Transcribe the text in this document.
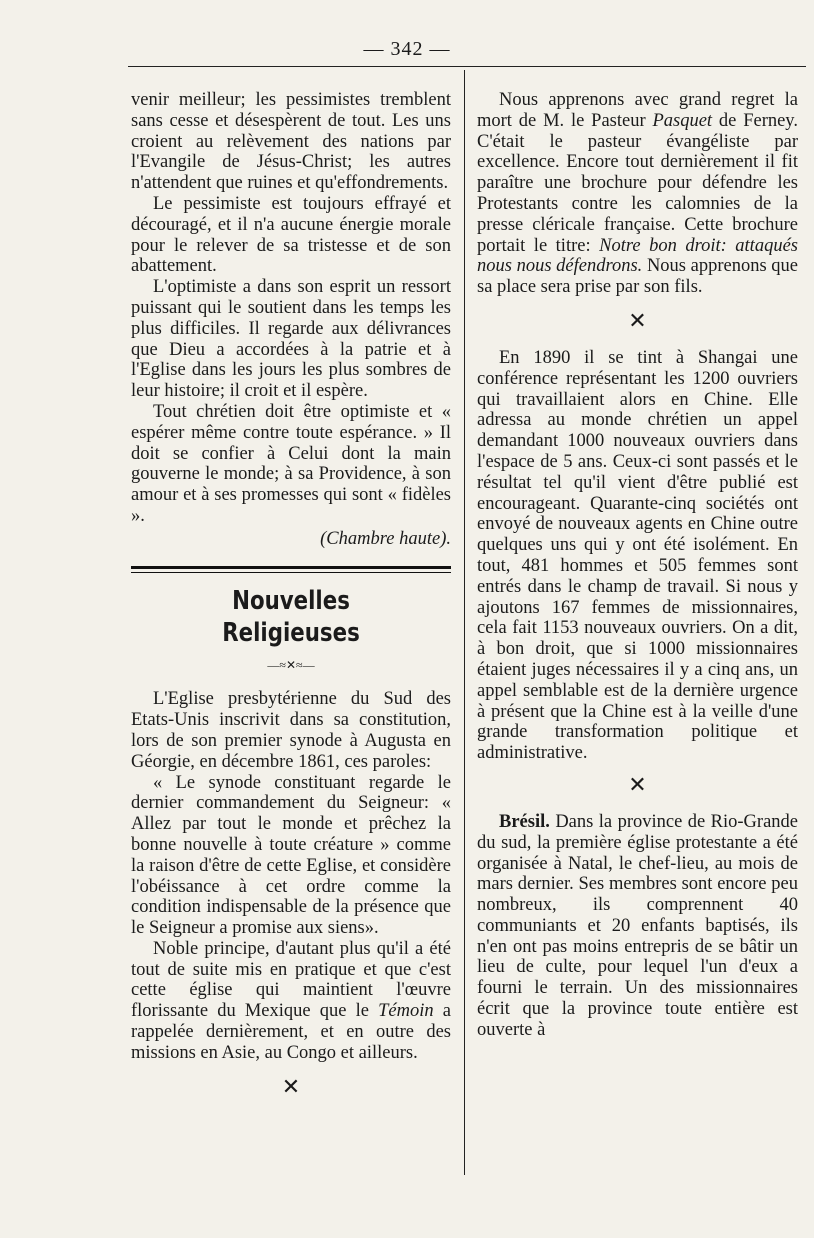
— 342 —

venir meilleur; les pessimistes tremblent sans cesse et désespèrent de tout. Les uns croient au relèvement des nations par l'Evangile de Jésus-Christ; les autres n'attendent que ruines et qu'effondrements.

Le pessimiste est toujours effrayé et découragé, et il n'a aucune énergie morale pour le relever de sa tristesse et de son abattement.

L'optimiste a dans son esprit un ressort puissant qui le soutient dans les temps les plus difficiles. Il regarde aux délivrances que Dieu a accordées à la patrie et à l'Eglise dans les jours les plus sombres de leur histoire; il croit et il espère.

Tout chrétien doit être optimiste et « espérer même contre toute espérance. » Il doit se confier à Celui dont la main gouverne le monde; à sa Providence, à son amour et à ses promesses qui sont « fidèles ».

(Chambre haute).

Nouvelles Religieuses
—≈✕≈—

L'Eglise presbytérienne du Sud des Etats-Unis inscrivit dans sa constitution, lors de son premier synode à Augusta en Géorgie, en décembre 1861, ces paroles:

« Le synode constituant regarde le dernier commandement du Seigneur: « Allez par tout le monde et prêchez la bonne nouvelle à toute créature » comme la raison d'être de cette Eglise, et considère l'obéissance à cet ordre comme la condition indispensable de la présence que le Seigneur a promise aux siens».

Noble principe, d'autant plus qu'il a été tout de suite mis en pratique et que c'est cette église qui maintient l'œuvre florissante du Mexique que le Témoin a rappelée dernièrement, et en outre des missions en Asie, au Congo et ailleurs.

✕

Nous apprenons avec grand regret la mort de M. le Pasteur Pasquet de Ferney. C'était le pasteur évangéliste par excellence. Encore tout dernièrement il fit paraître une brochure pour défendre les Protestants contre les calomnies de la presse cléricale française. Cette brochure portait le titre: Notre bon droit: attaqués nous nous défendrons. Nous apprenons que sa place sera prise par son fils.

✕

En 1890 il se tint à Shangai une conférence représentant les 1200 ouvriers qui travaillaient alors en Chine. Elle adressa au monde chrétien un appel demandant 1000 nouveaux ouvriers dans l'espace de 5 ans. Ceux-ci sont passés et le résultat tel qu'il vient d'être publié est encourageant. Quarante-cinq sociétés ont envoyé de nouveaux agents en Chine outre quelques uns qui y ont été isolément. En tout, 481 hommes et 505 femmes sont entrés dans le champ de travail. Si nous y ajoutons 167 femmes de missionnaires, cela fait 1153 nouveaux ouvriers. On a dit, à bon droit, que si 1000 missionnaires étaient juges nécessaires il y a cinq ans, un appel semblable est de la dernière urgence à présent que la Chine est à la veille d'une grande transformation politique et administrative.

✕

Brésil. Dans la province de Rio-Grande du sud, la première église protestante a été organisée à Natal, le chef-lieu, au mois de mars dernier. Ses membres sont encore peu nombreux, ils comprennent 40 communiants et 20 enfants baptisés, ils n'en ont pas moins entrepris de se bâtir un lieu de culte, pour lequel l'un d'eux a fourni le terrain. Un des missionnaires écrit que la province toute entière est ouverte à
